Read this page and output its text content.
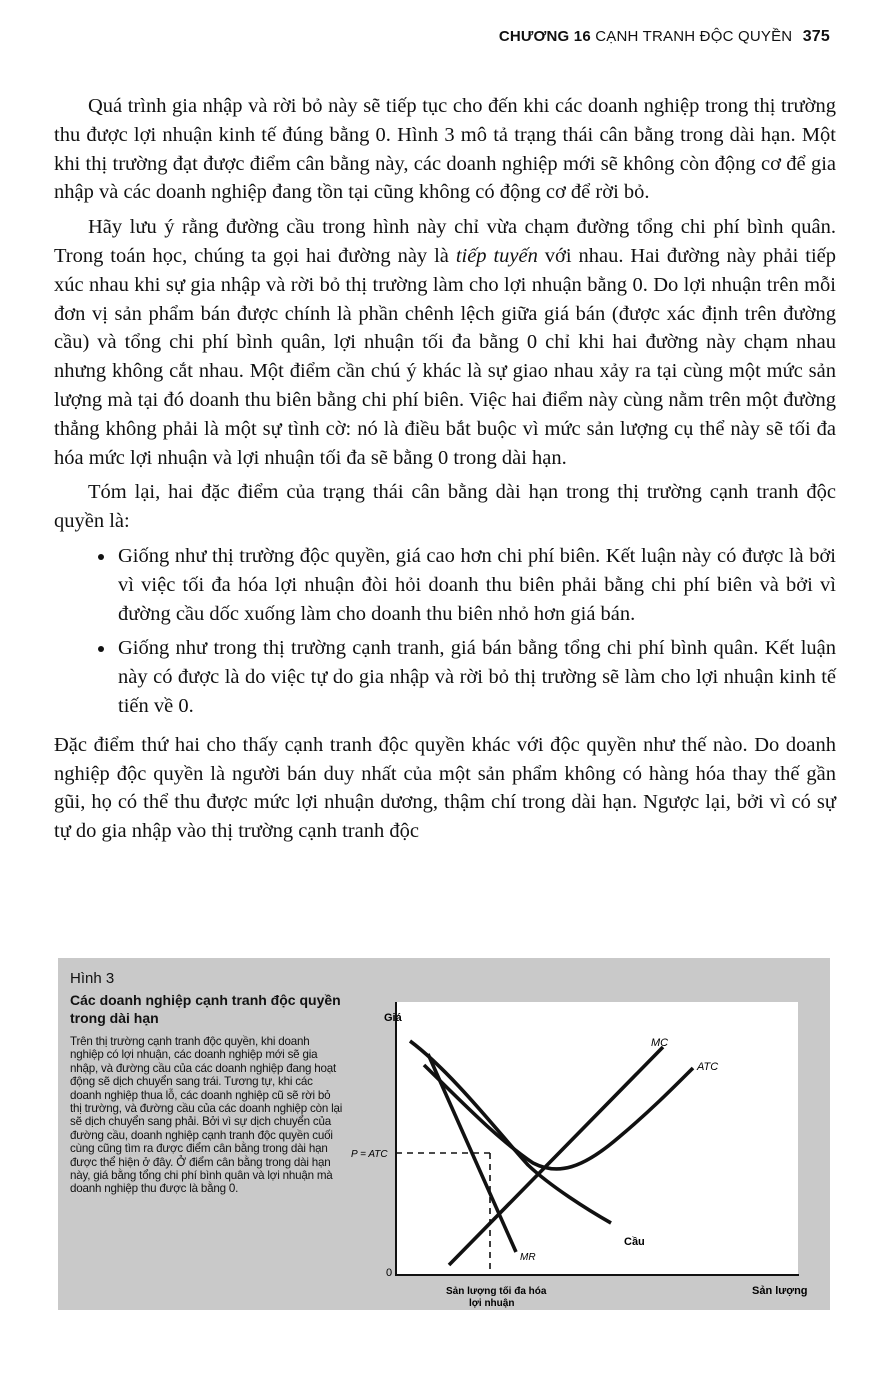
CHƯƠNG 16 CẠNH TRANH ĐỘC QUYỀN 375

Quá trình gia nhập và rời bỏ này sẽ tiếp tục cho đến khi các doanh nghiệp trong thị trường thu được lợi nhuận kinh tế đúng bằng 0. Hình 3 mô tả trạng thái cân bằng trong dài hạn. Một khi thị trường đạt được điểm cân bằng này, các doanh nghiệp mới sẽ không còn động cơ để gia nhập và các doanh nghiệp đang tồn tại cũng không có động cơ để rời bỏ.

Hãy lưu ý rằng đường cầu trong hình này chỉ vừa chạm đường tổng chi phí bình quân. Trong toán học, chúng ta gọi hai đường này là tiếp tuyến với nhau. Hai đường này phải tiếp xúc nhau khi sự gia nhập và rời bỏ thị trường làm cho lợi nhuận bằng 0. Do lợi nhuận trên mỗi đơn vị sản phẩm bán được chính là phần chênh lệch giữa giá bán (được xác định trên đường cầu) và tổng chi phí bình quân, lợi nhuận tối đa bằng 0 chỉ khi hai đường này chạm nhau nhưng không cắt nhau. Một điểm cần chú ý khác là sự giao nhau xảy ra tại cùng một mức sản lượng mà tại đó doanh thu biên bằng chi phí biên. Việc hai điểm này cùng nằm trên một đường thẳng không phải là một sự tình cờ: nó là điều bắt buộc vì mức sản lượng cụ thể này sẽ tối đa hóa mức lợi nhuận và lợi nhuận tối đa sẽ bằng 0 trong dài hạn.

Tóm lại, hai đặc điểm của trạng thái cân bằng dài hạn trong thị trường cạnh tranh độc quyền là:

• Giống như thị trường độc quyền, giá cao hơn chi phí biên. Kết luận này có được là bởi vì việc tối đa hóa lợi nhuận đòi hỏi doanh thu biên phải bằng chi phí biên và bởi vì đường cầu dốc xuống làm cho doanh thu biên nhỏ hơn giá bán.
• Giống như trong thị trường cạnh tranh, giá bán bằng tổng chi phí bình quân. Kết luận này có được là do việc tự do gia nhập và rời bỏ thị trường sẽ làm cho lợi nhuận kinh tế tiến về 0.

Đặc điểm thứ hai cho thấy cạnh tranh độc quyền khác với độc quyền như thế nào. Do doanh nghiệp độc quyền là người bán duy nhất của một sản phẩm không có hàng hóa thay thế gần gũi, họ có thể thu được mức lợi nhuận dương, thậm chí trong dài hạn. Ngược lại, bởi vì có sự tự do gia nhập vào thị trường cạnh tranh độc

Hình 3
Các doanh nghiệp cạnh tranh độc quyền trong dài hạn
Trên thị trường cạnh tranh độc quyền, khi doanh nghiệp có lợi nhuận, các doanh nghiệp mới sẽ gia nhập, và đường cầu của các doanh nghiệp đang hoạt động sẽ dịch chuyển sang trái. Tương tự, khi các doanh nghiệp thua lỗ, các doanh nghiệp cũ sẽ rời bỏ thị trường, và đường cầu của các doanh nghiệp còn lại sẽ dịch chuyển sang phải. Bởi vì sự dịch chuyển của đường cầu, doanh nghiệp cạnh tranh độc quyền cuối cùng cũng tìm ra được điểm cân bằng trong dài hạn được thể hiện ở đây. Ở điểm cân bằng trong dài hạn này, giá bằng tổng chi phí bình quân và lợi nhuận mà doanh nghiệp thu được là bằng 0.
Giá
0
P = ATC
MC
ATC
Cầu
MR
Sản lượng tối đa hóa
lợi nhuận
Sản lượng
